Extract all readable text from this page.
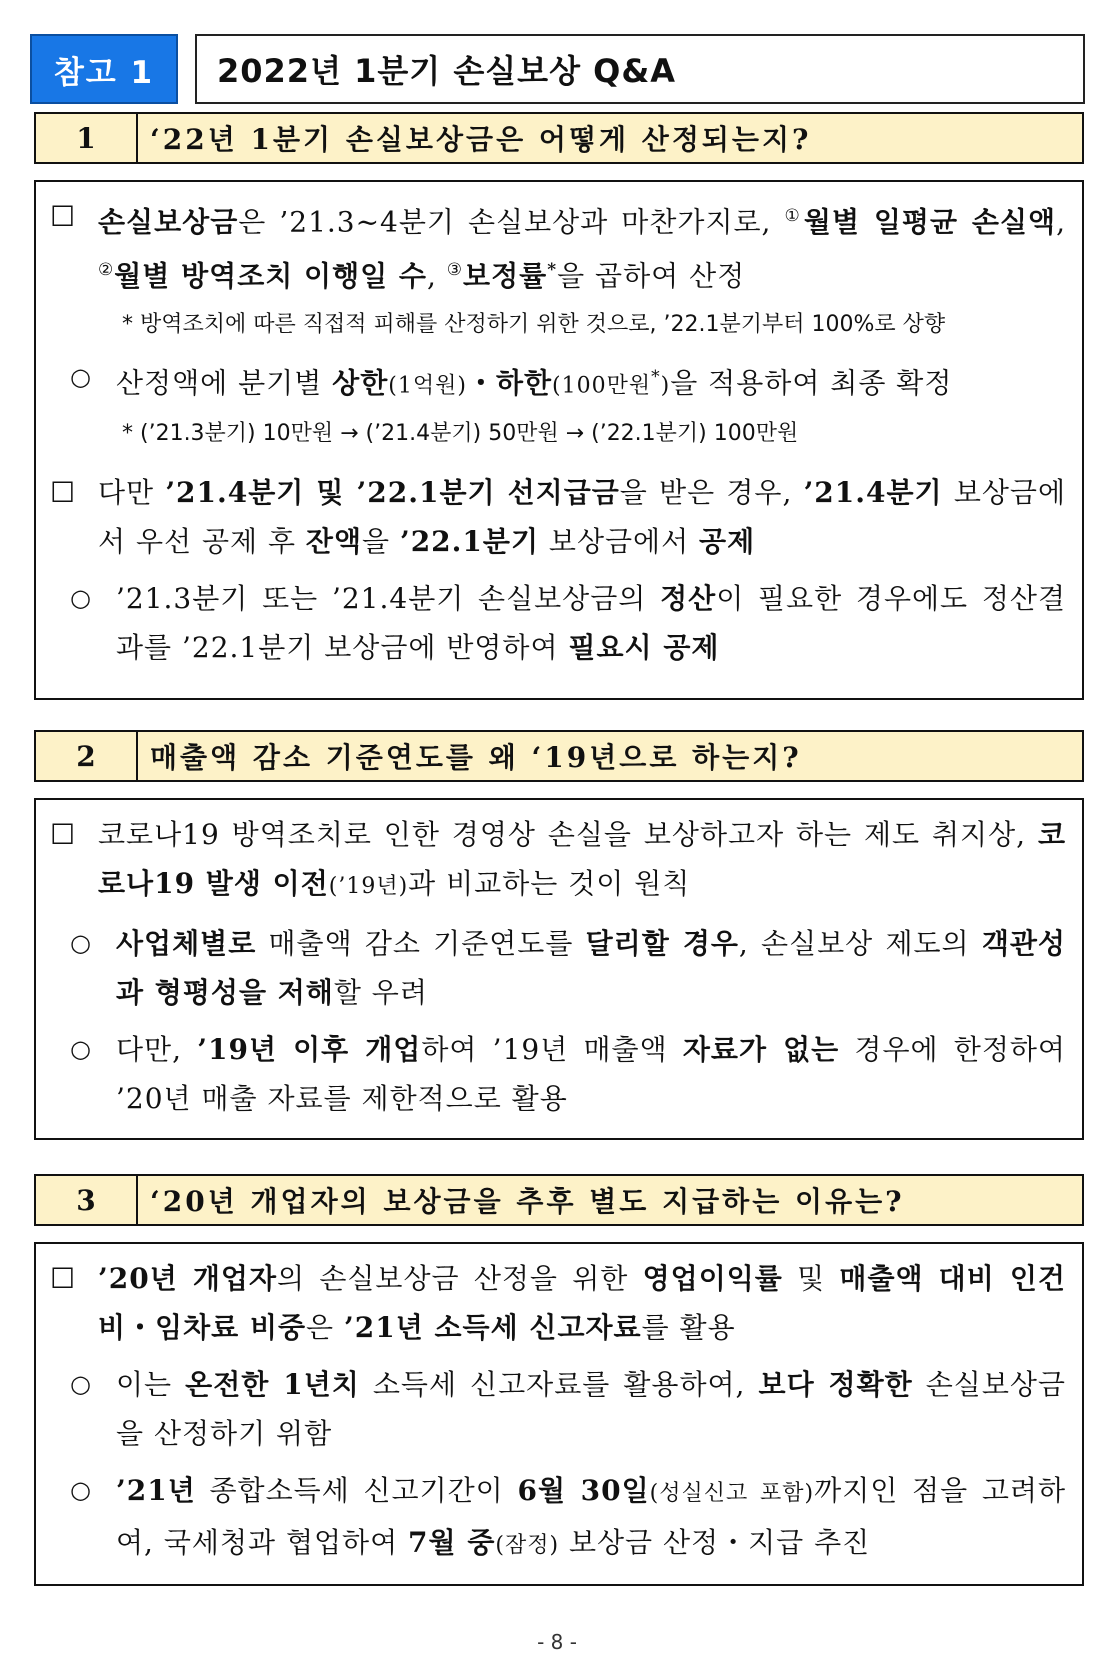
참고 1	2022년 1분기 손실보상 Q&A
1	‘22년 1분기 손실보상금은 어떻게 산정되는지?
☐ 손실보상금은 ’21.3~4분기 손실보상과 마찬가지로, ①월별 일평균 손실액, ②월별 방역조치 이행일 수, ③보정률*을 곱하여 산정
* 방역조치에 따른 직접적 피해를 산정하기 위한 것으로, ’22.1분기부터 100%로 상향
○ 산정액에 분기별 상한(1억원)・하한(100만원*)을 적용하여 최종 확정
* (’21.3분기) 10만원 → (’21.4분기) 50만원 → (’22.1분기) 100만원
☐ 다만 ’21.4분기 및 ’22.1분기 선지급금을 받은 경우, ’21.4분기 보상금에서 우선 공제 후 잔액을 ’22.1분기 보상금에서 공제
○ ’21.3분기 또는 ’21.4분기 손실보상금의 정산이 필요한 경우에도 정산결과를 ’22.1분기 보상금에 반영하여 필요시 공제
2	매출액 감소 기준연도를 왜 ‘19년으로 하는지?
☐ 코로나19 방역조치로 인한 경영상 손실을 보상하고자 하는 제도 취지상, 코로나19 발생 이전(’19년)과 비교하는 것이 원칙
○ 사업체별로 매출액 감소 기준연도를 달리할 경우, 손실보상 제도의 객관성과 형평성을 저해할 우려
○ 다만, ’19년 이후 개업하여 ’19년 매출액 자료가 없는 경우에 한정하여 ’20년 매출 자료를 제한적으로 활용
3	‘20년 개업자의 보상금을 추후 별도 지급하는 이유는?
☐ ’20년 개업자의 손실보상금 산정을 위한 영업이익률 및 매출액 대비 인건비・임차료 비중은 ’21년 소득세 신고자료를 활용
○ 이는 온전한 1년치 소득세 신고자료를 활용하여, 보다 정확한 손실보상금을 산정하기 위함
○ ’21년 종합소득세 신고기간이 6월 30일(성실신고 포함)까지인 점을 고려하여, 국세청과 협업하여 7월 중(잠정) 보상금 산정・지급 추진
- 8 -
